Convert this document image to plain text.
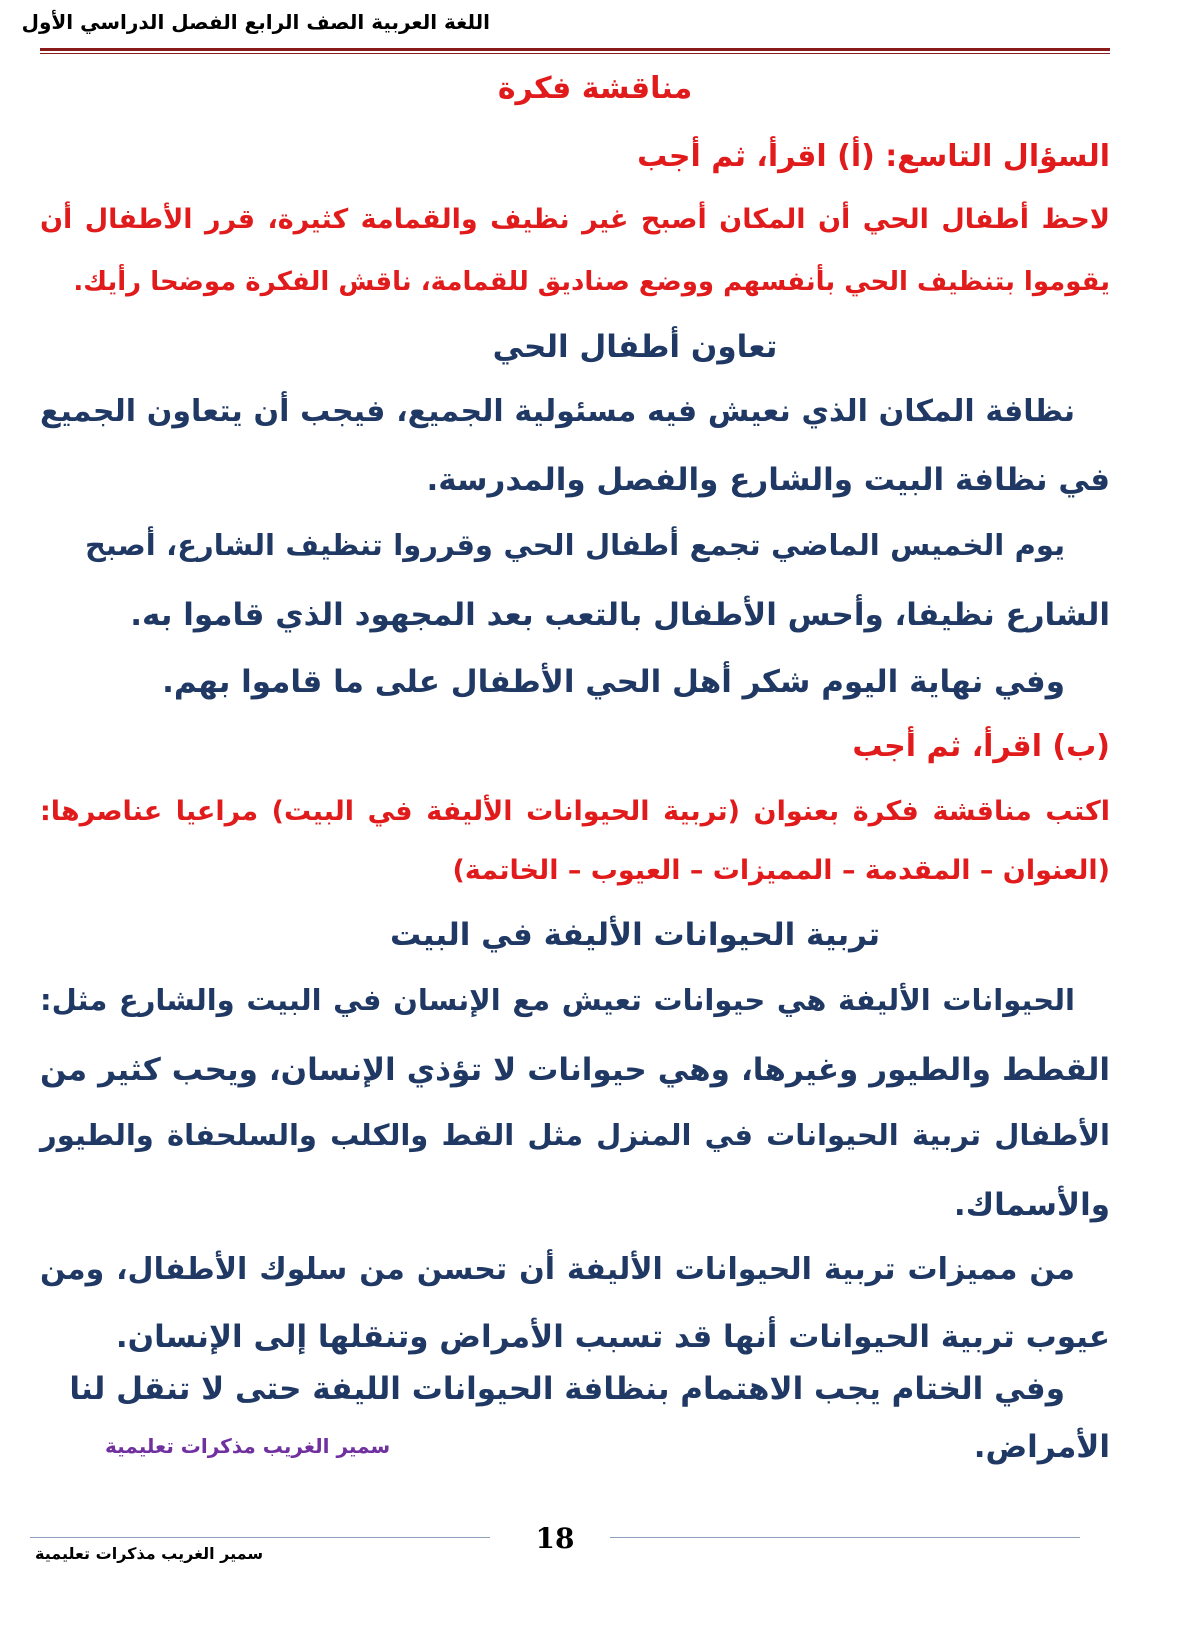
اللغة العربية الصف الرابع الفصل الدراسي الأول
مناقشة فكرة
السؤال التاسع: (أ) اقرأ، ثم أجب
لاحظ أطفال الحي أن المكان أصبح غير نظيف والقمامة كثيرة، قرر الأطفال أن
يقوموا بتنظيف الحي بأنفسهم ووضع صناديق للقمامة، ناقش الفكرة موضحا رأيك.
تعاون أطفال الحي
نظافة المكان الذي نعيش فيه مسئولية الجميع، فيجب أن يتعاون الجميع
في نظافة البيت والشارع والفصل والمدرسة.
يوم الخميس الماضي تجمع أطفال الحي وقرروا تنظيف الشارع، أصبح
الشارع نظيفا، وأحس الأطفال بالتعب بعد المجهود الذي قاموا به.
وفي نهاية اليوم شكر أهل الحي الأطفال على ما قاموا بهم.
(ب) اقرأ، ثم أجب
اكتب مناقشة فكرة بعنوان (تربية الحيوانات الأليفة في البيت) مراعيا عناصرها:
(العنوان – المقدمة – المميزات – العيوب – الخاتمة)
تربية الحيوانات الأليفة في البيت
الحيوانات الأليفة هي حيوانات تعيش مع الإنسان في البيت والشارع مثل:
القطط والطيور وغيرها، وهي حيوانات لا تؤذي الإنسان، ويحب كثير من
الأطفال تربية الحيوانات في المنزل مثل القط والكلب والسلحفاة والطيور
والأسماك.
من مميزات تربية الحيوانات الأليفة أن تحسن من سلوك الأطفال، ومن
عيوب تربية الحيوانات أنها قد تسبب الأمراض وتنقلها إلى الإنسان.
وفي الختام يجب الاهتمام بنظافة الحيوانات الليفة حتى لا تنقل لنا
الأمراض.
سمير الغريب مذكرات تعليمية
18
سمير الغريب مذكرات تعليمية
